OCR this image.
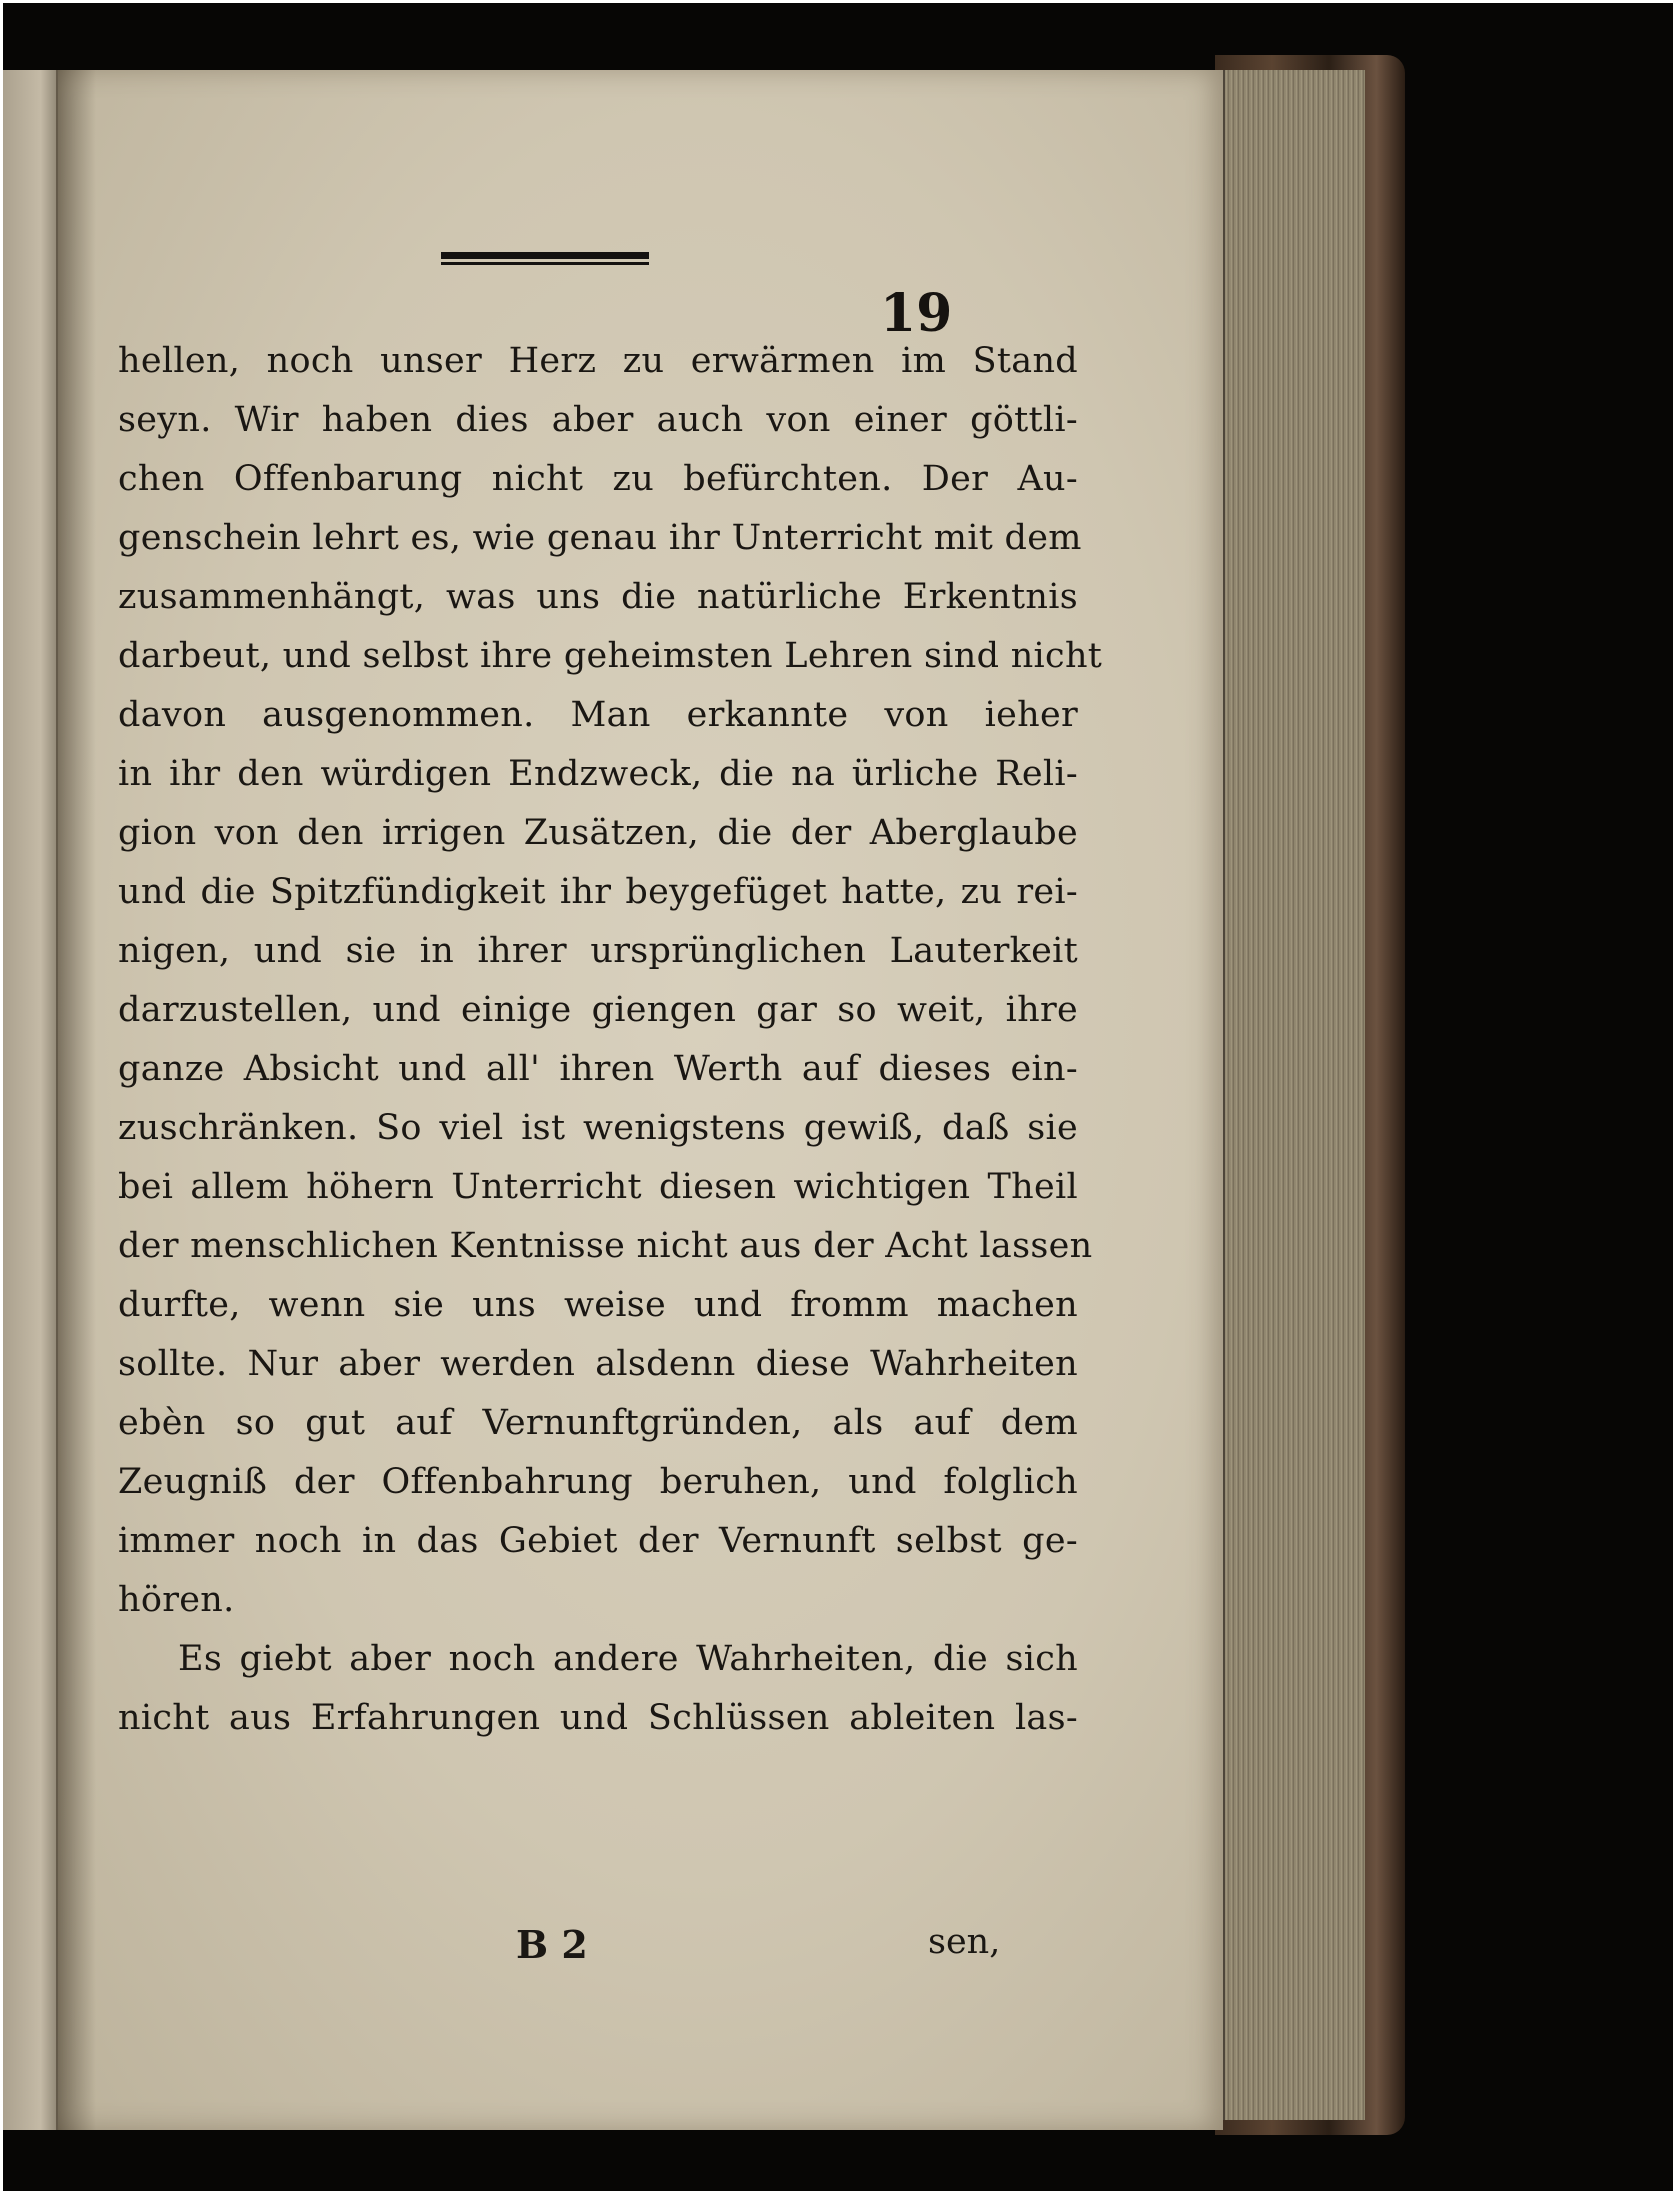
19
hellen, noch unser Herz zu erwärmen im Stand
seyn. Wir haben dies aber auch von einer göttli-
chen Offenbarung nicht zu befürchten. Der Au-
genschein lehrt es, wie genau ihr Unterricht mit dem
zusammenhängt, was uns die natürliche Erkentnis
darbeut, und selbst ihre geheimsten Lehren sind nicht
davon ausgenommen. Man erkannte von ieher
in ihr den würdigen Endzweck, die na ürliche Reli-
gion von den irrigen Zusätzen, die der Aberglaube
und die Spitzfündigkeit ihr beygefüget hatte, zu rei-
nigen, und sie in ihrer ursprünglichen Lauterkeit
darzustellen, und einige giengen gar so weit, ihre
ganze Absicht und all' ihren Werth auf dieses ein-
zuschränken. So viel ist wenigstens gewiß, daß sie
bei allem höhern Unterricht diesen wichtigen Theil
der menschlichen Kentnisse nicht aus der Acht lassen
durfte, wenn sie uns weise und fromm machen
sollte. Nur aber werden alsdenn diese Wahrheiten
ebèn so gut auf Vernunftgründen, als auf dem
Zeugniß der Offenbahrung beruhen, und folglich
immer noch in das Gebiet der Vernunft selbst ge-
hören.
Es giebt aber noch andere Wahrheiten, die sich
nicht aus Erfahrungen und Schlüssen ableiten las-
B 2	sen,
